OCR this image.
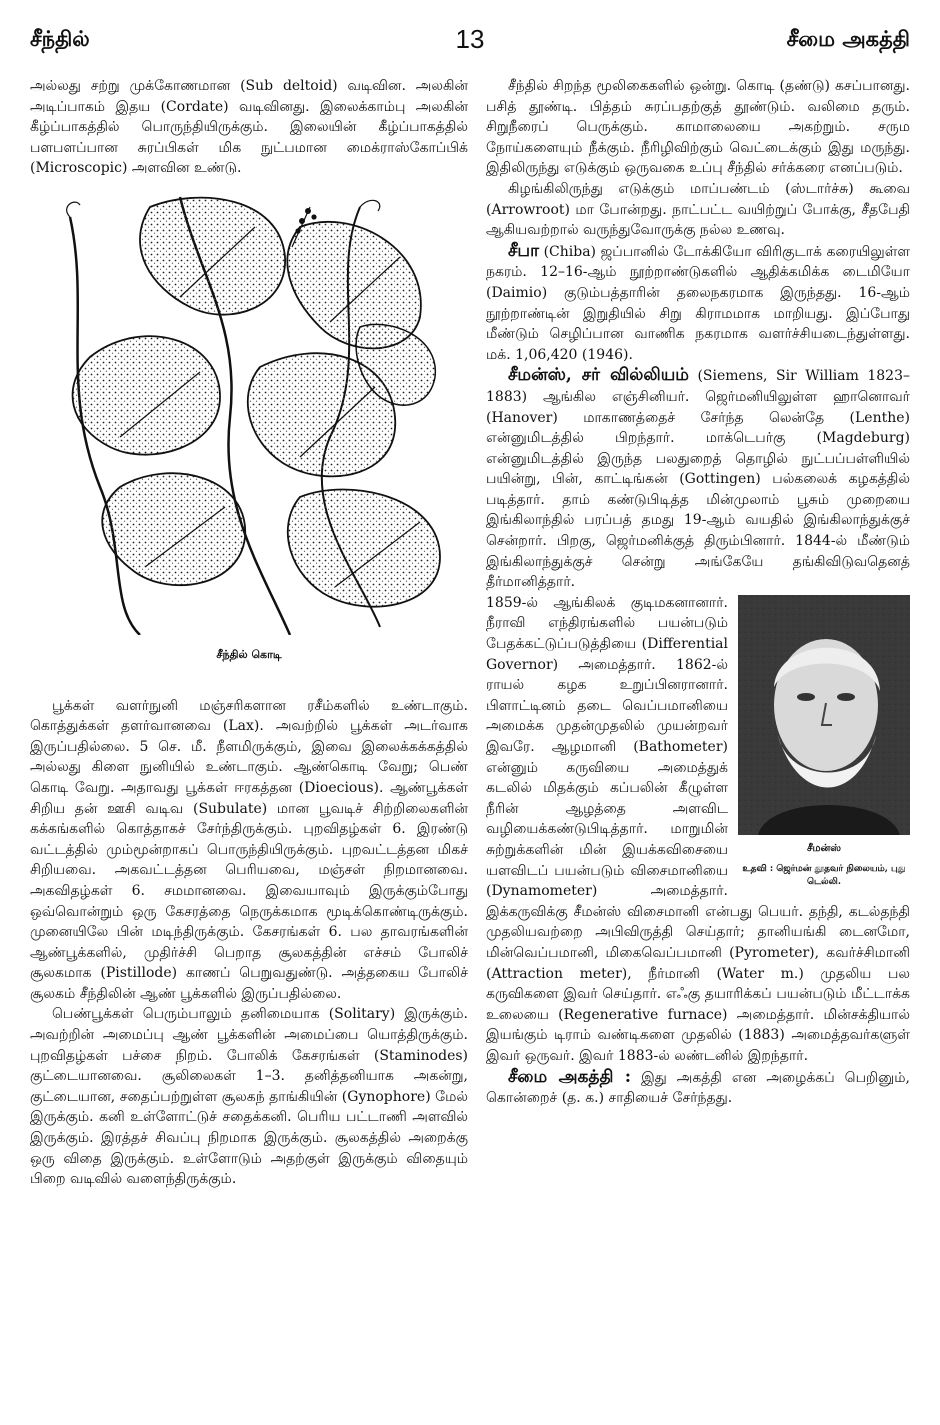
சீந்தில்	13	சீமை அகத்தி

அல்லது சற்று முக்கோணமான (Sub deltoid) வடிவின. அலகின் அடிப்பாகம் இதய (Cordate) வடிவினது. இலைக்காம்பு அலகின் கீழ்ப்பாகத்தில் பொருந்தியிருக்கும். இலையின் கீழ்ப்பாகத்தில் பளபளப்பான சுரப்பிகள் மிக நுட்பமான மைக்ராஸ்கோப்பிக் (Microscopic) அளவின உண்டு.

சீந்தில் கொடி

பூக்கள் வளர்நுனி மஞ்சரிகளான ரசீம்களில் உண்டாகும். கொத்துக்கள் தளர்வானவை (Lax). அவற்றில் பூக்கள் அடர்வாக இருப்பதில்லை. 5 செ. மீ. நீளமிருக்கும், இவை இலைக்கக்கத்தில் அல்லது கிளை நுனியில் உண்டாகும். ஆண்கொடி வேறு; பெண் கொடி வேறு. அதாவது பூக்கள் ஈரகத்தன (Dioecious). ஆண்பூக்கள் சிறிய தன் ஊசி வடிவ (Subulate) மான பூவடிச் சிற்றிலைகளின் கக்கங்களில் கொத்தாகச் சேர்ந்திருக்கும். புறவிதழ்கள் 6. இரண்டு வட்டத்தில் மும்மூன்றாகப் பொருந்தியிருக்கும். புறவட்டத்தன மிகச் சிறியவை. அகவட்டத்தன பெரியவை, மஞ்சள் நிறமானவை. அகவிதழ்கள் 6. சமமானவை. இவையாவும் இருக்கும்போது ஒவ்வொன்றும் ஒரு கேசரத்தை நெருக்கமாக மூடிக்கொண்டிருக்கும். முனையிலே பின் மடிந்திருக்கும். கேசரங்கள் 6. பல தாவரங்களின் ஆண்பூக்களில், முதிர்ச்சி பெறாத சூலகத்தின் எச்சம் போலிச் சூலகமாக (Pistillode) காணப் பெறுவதுண்டு. அத்தகைய போலிச் சூலகம் சீந்திலின் ஆண் பூக்களில் இருப்பதில்லை.

பெண்பூக்கள் பெரும்பாலும் தனிமையாக (Solitary) இருக்கும். அவற்றின் அமைப்பு ஆண் பூக்களின் அமைப்பை யொத்திருக்கும். புறவிதழ்கள் பச்சை நிறம். போலிக் கேசரங்கள் (Staminodes) குட்டையானவை. சூலிலைகள் 1–3. தனித்தனியாக அகன்று, குட்டையான, சதைப்பற்றுள்ள சூலகந் தாங்கியின் (Gynophore) மேல் இருக்கும். கனி உள்ளோட்டுச் சதைக்கனி. பெரிய பட்டாணி அளவில் இருக்கும். இரத்தச் சிவப்பு நிறமாக இருக்கும். சூலகத்தில் அறைக்கு ஒரு விதை இருக்கும். உள்ளோடும் அதற்குள் இருக்கும் விதையும் பிறை வடிவில் வளைந்திருக்கும்.

சீந்தில் சிறந்த மூலிகைகளில் ஒன்று. கொடி (தண்டு) கசப்பானது. பசித் தூண்டி. பித்தம் சுரப்பதற்குத் தூண்டும். வலிமை தரும். சிறுநீரைப் பெருக்கும். காமாலையை அகற்றும். சரும நோய்களையும் நீக்கும். நீரிழிவிற்கும் வெட்டைக்கும் இது மருந்து. இதிலிருந்து எடுக்கும் ஒருவகை உப்பு சீந்தில் சர்க்கரை எனப்படும்.

கிழங்கிலிருந்து எடுக்கும் மாப்பண்டம் (ஸ்டார்ச்சு) கூவை (Arrowroot) மா போன்றது. நாட்பட்ட வயிற்றுப் போக்கு, சீதபேதி ஆகியவற்றால் வருந்துவோருக்கு நல்ல உணவு.

சீபா (Chiba) ஜப்பானில் டோக்கியோ விரிகுடாக் கரையிலுள்ள நகரம். 12–16-ஆம் நூற்றாண்டுகளில் ஆதிக்கமிக்க டைமியோ (Daimio) குடும்பத்தாரின் தலைநகரமாக இருந்தது. 16-ஆம் நூற்றாண்டின் இறுதியில் சிறு கிராமமாக மாறியது. இப்போது மீண்டும் செழிப்பான வாணிக நகரமாக வளர்ச்சியடைந்துள்ளது. மக். 1,06,420 (1946).

சீமன்ஸ், சர் வில்லியம் (Siemens, Sir William 1823–1883) ஆங்கில எஞ்சினியர். ஜெர்மனியிலுள்ள ஹானொவர் (Hanover) மாகாணத்தைச் சேர்ந்த லென்தே (Lenthe) என்னுமிடத்தில் பிறந்தார். மாக்டெபர்கு (Magdeburg) என்னுமிடத்தில் இருந்த பலதுறைத் தொழில் நுட்பப்பள்ளியில் பயின்று, பின், காட்டிங்கன் (Gottingen) பல்கலைக் கழகத்தில் படித்தார். தாம் கண்டுபிடித்த மின்முலாம் பூசும் முறையை இங்கிலாந்தில் பரப்பத் தமது 19-ஆம் வயதில் இங்கிலாந்துக்குச் சென்றார். பிறகு, ஜெர்மனிக்குத் திரும்பினார். 1844-ல் மீண்டும் இங்கிலாந்துக்குச் சென்று அங்கேயே தங்கிவிடுவதெனத் தீர்மானித்தார்.

சீமன்ஸ்
உதவி : ஜெர்மன் தூதவர் நிலையம், புது டெல்லி.

1859-ல் ஆங்கிலக் குடிமகனானார். நீராவி எந்திரங்களில் பயன்படும் பேதக்கட்டுப்படுத்தியை (Differential Governor) அமைத்தார். 1862-ல் ராயல் கழக உறுப்பினரானார். பிளாட்டினம் தடை வெப்பமானியை அமைக்க முதன்முதலில் முயன்றவர் இவரே. ஆழமானி (Bathometer) என்னும் கருவியை அமைத்துக் கடலில் மிதக்கும் கப்பலின் கீழுள்ள நீரின் ஆழத்தை அளவிட வழியைக்கண்டுபிடித்தார். மாறுமின் சுற்றுக்களின் மின் இயக்கவிசையை யளவிடப் பயன்படும் விசைமானியை (Dynamometer) அமைத்தார். இக்கருவிக்கு சீமன்ஸ் விசைமானி என்பது பெயர். தந்தி, கடல்தந்தி முதலியவற்றை அபிவிருத்தி செய்தார்; தானியங்கி டைனமோ, மின்வெப்பமானி, மிகைவெப்பமானி (Pyrometer), கவர்ச்சிமானி (Attraction meter), நீர்மானி (Water m.) முதலிய பல கருவிகளை இவர் செய்தார். எஃகு தயாரிக்கப் பயன்படும் மீட்டாக்க உலையை (Regenerative furnace) அமைத்தார். மின்சக்தியால் இயங்கும் டிராம் வண்டிகளை முதலில் (1883) அமைத்தவர்களுள் இவர் ஒருவர். இவர் 1883-ல் லண்டனில் இறந்தார்.

சீமை அகத்தி : இது அகத்தி என அழைக்கப் பெறினும், கொன்றைச் (த. க.) சாதியைச் சேர்ந்தது.
